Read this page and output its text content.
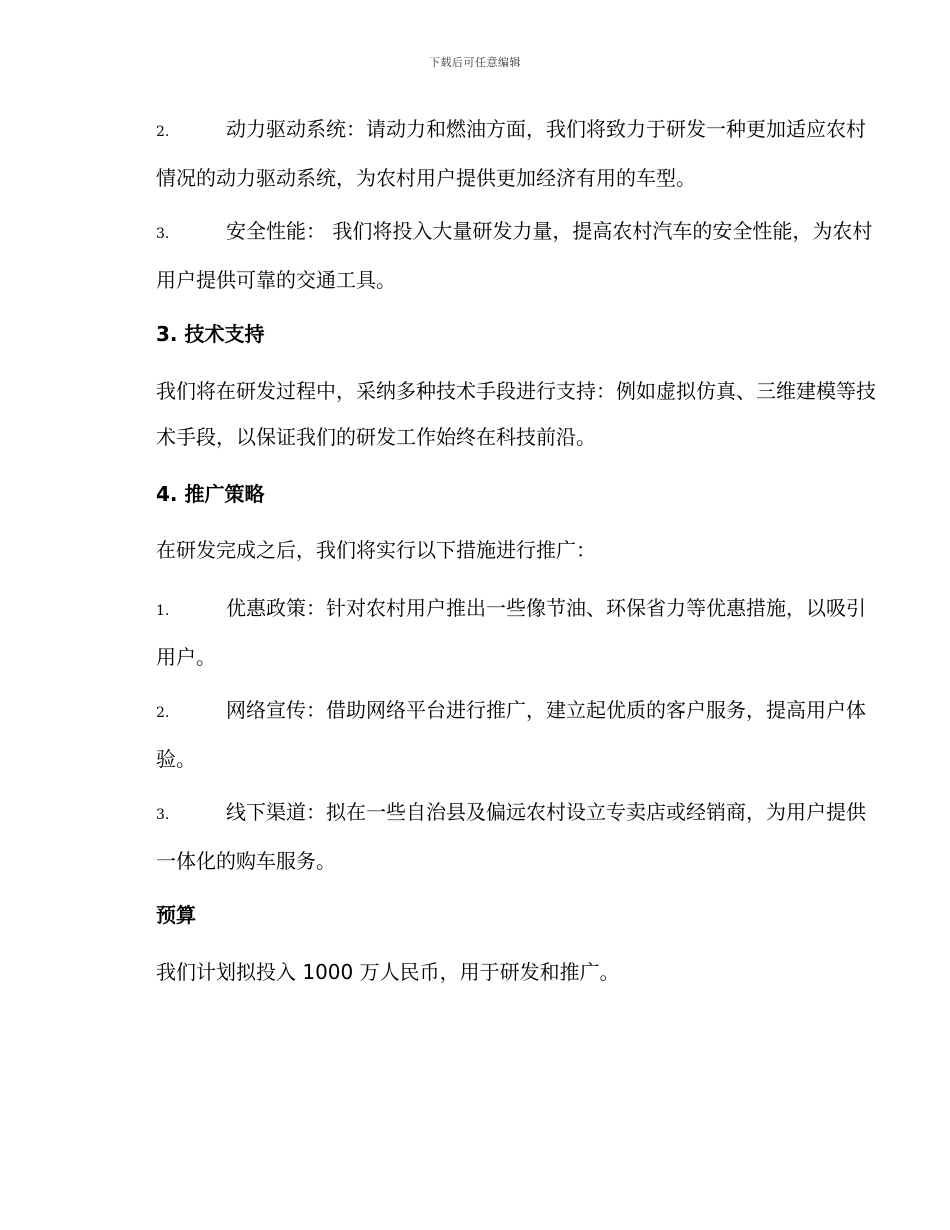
下载后可任意编辑
2.	动力驱动系统：请动力和燃油方面，我们将致力于研发一种更加适应农村情况的动力驱动系统，为农村用户提供更加经济有用的车型。
3.	安全性能： 我们将投入大量研发力量，提高农村汽车的安全性能，为农村用户提供可靠的交通工具。
3. 技术支持
我们将在研发过程中，采纳多种技术手段进行支持：例如虚拟仿真、三维建模等技术手段，以保证我们的研发工作始终在科技前沿。
4. 推广策略
在研发完成之后，我们将实行以下措施进行推广：
1.	优惠政策：针对农村用户推出一些像节油、环保省力等优惠措施，以吸引用户。
2.	网络宣传：借助网络平台进行推广，建立起优质的客户服务，提高用户体验。
3.	线下渠道：拟在一些自治县及偏远农村设立专卖店或经销商，为用户提供一体化的购车服务。
预算
我们计划拟投入 1000 万人民币，用于研发和推广。
